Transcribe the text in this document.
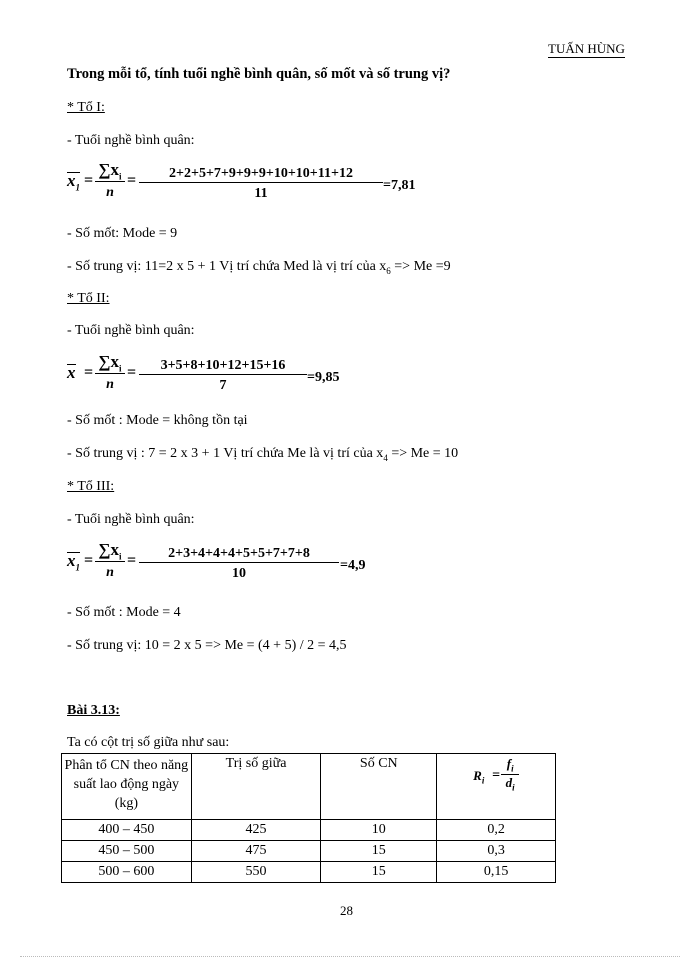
TUẤN HÙNG
Trong mỗi tổ, tính tuổi nghề bình quân, số mốt và số trung vị?
* Tổ I:
- Tuổi nghề bình quân:
$x_1$ =
$\sum x_i$
n
= $\frac{2+2+5+7+9+9+9+10+10+11+12}{11} =7,81$
- Số mốt: Mode = 9
- Số trung vị: 11=2 x 5 + 1 Vị trí chứa Med là vị trí của $x_6 => Me =9$
* Tổ II:
- Tuổi nghề bình quân:
x =
$\sum x_i$
n
= $\frac{3+5+8+10+12+15+16}{7} =9,85$
- Số mốt : Mode = không tồn tại
- Số trung vị : 7 = 2 x 3 + 1 Vị trí chứa Me là vị trí của $x_4 => Me = 10$
* Tổ III:
- Tuổi nghề bình quân:
$x_1$ =
$\sum x_i$
n
= $\frac{2+3+4+4+4+5+5+7+7+8}{10} =4,9$
- Số mốt : Mode = 4
- Số trung vị: 10 = 2 x 5 => Me = (4 + 5) / 2 = 4,5
Bài 3.13:
Ta có cột trị số giữa như sau:
Phân tổ CN theo năng suất lao động ngày (kg)	Trị số giữa	Số CN	$R_i$ =
$f_i$
$d_i$

400 – 450	425	10	0,2
450 – 500	475	15	0,3
500 – 600	550	15	0,15
28
